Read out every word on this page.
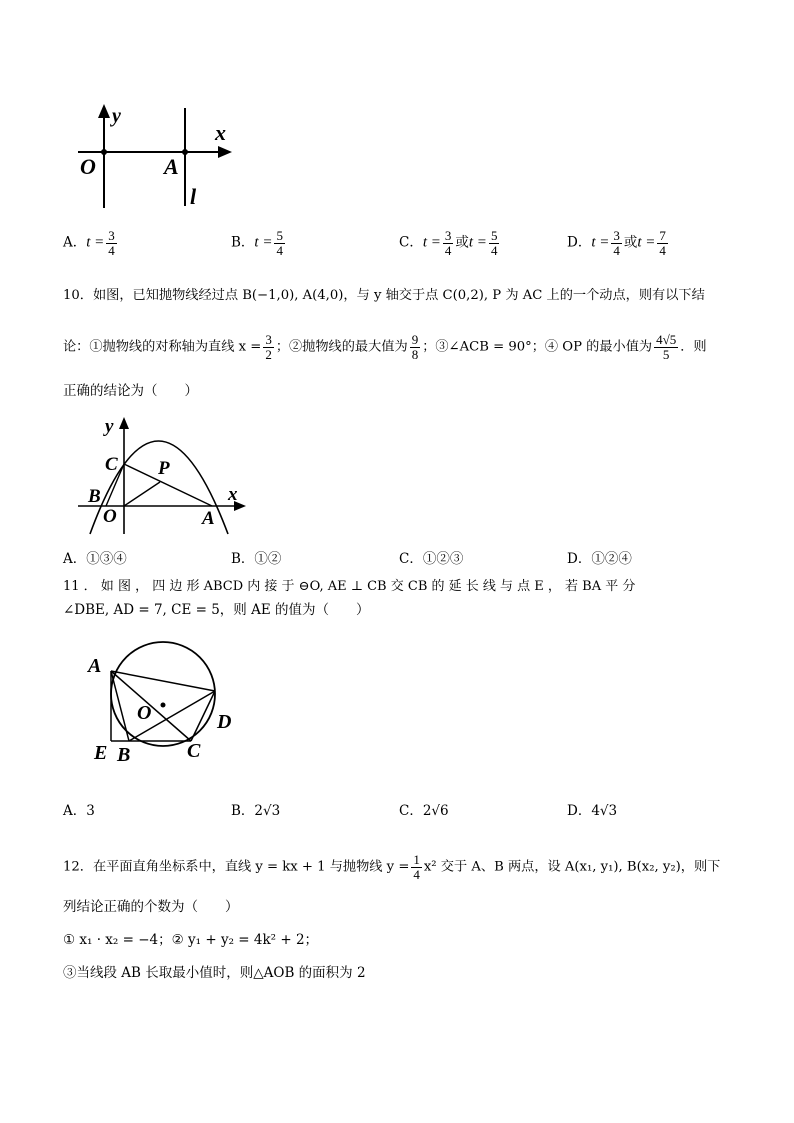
y
x
O	A
l
A．$t = \frac{3}{4}$	B．$t = \frac{5}{4}$	C．$t = \frac{3}{4}$ 或$t = \frac{5}{4}$	D．$t = \frac{3}{4}$ 或$t = \frac{7}{4}$
10．如图，已知抛物线经过点 B(−1,0), A(4,0)，与 y 轴交于点 C(0,2), P 为 AC 上的一个动点，则有以下结
论：①抛物线的对称轴为直线 $x = \frac{3}{2}$ ；②抛物线的最大值为 $\frac{9}{8}$ ；③∠ACB = 90°；④ OP 的最小值为 $\frac{4√5}{5}$ ．则
正确的结论为（　　）
y
x
C P
B
O	A
A．①③④	B．①②	C．①②③	D．①②④
11 ． 如 图 ， 四 边 形 ABCD 内 接 于 ⊖O, AE ⊥ CB 交 CB 的 延 长 线 与 点 E ， 若 BA 平 分
∠DBE, AD = 7, CE = 5，则 AE 的值为（　　）
A
O	D
E B	C
A．3	B．2√3	C．2√6	D．4√3
12．在平面直角坐标系中，直线 y = kx + 1 与抛物线 $y = \frac{1}{4} x^2$ 交于 A、B 两点，设 A(x₁, y₁), B(x₂, y₂)，则下
列结论正确的个数为（　　）
① x₁ · x₂ = −4；② y₁ + y₂ = 4k² + 2；
③当线段 AB 长取最小值时，则△AOB 的面积为 2
